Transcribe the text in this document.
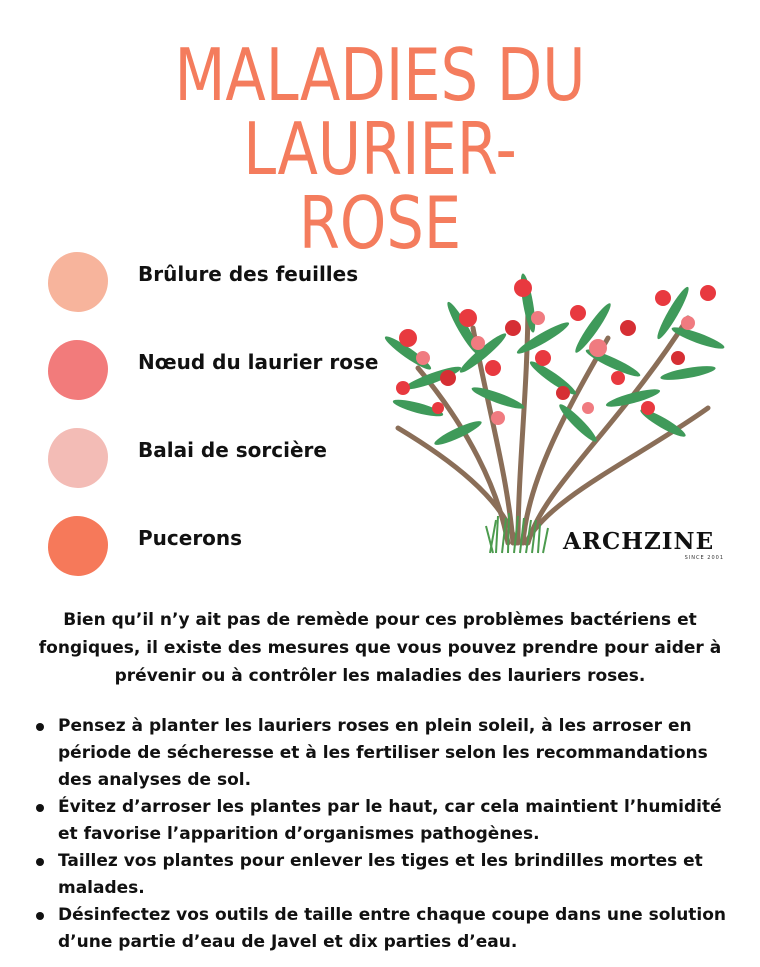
MALADIES DU LAURIER-
ROSE
Brûlure des feuilles
Nœud du laurier rose
Balai de sorcière
Pucerons	ARCHZINE
SINCE 2001

Bien qu’il n’y ait pas de remède pour ces problèmes bactériens et fongiques, il existe des mesures que vous pouvez prendre pour aider à prévenir ou à contrôler les maladies des lauriers roses.

Pensez à planter les lauriers roses en plein soleil, à les arroser en période de sécheresse et à les fertiliser selon les recommandations des analyses de sol.
Évitez d’arroser les plantes par le haut, car cela maintient l’humidité et favorise l’apparition d’organismes pathogènes.
Taillez vos plantes pour enlever les tiges et les brindilles mortes et malades.
Désinfectez vos outils de taille entre chaque coupe dans une solution d’une partie d’eau de Javel et dix parties d’eau.
